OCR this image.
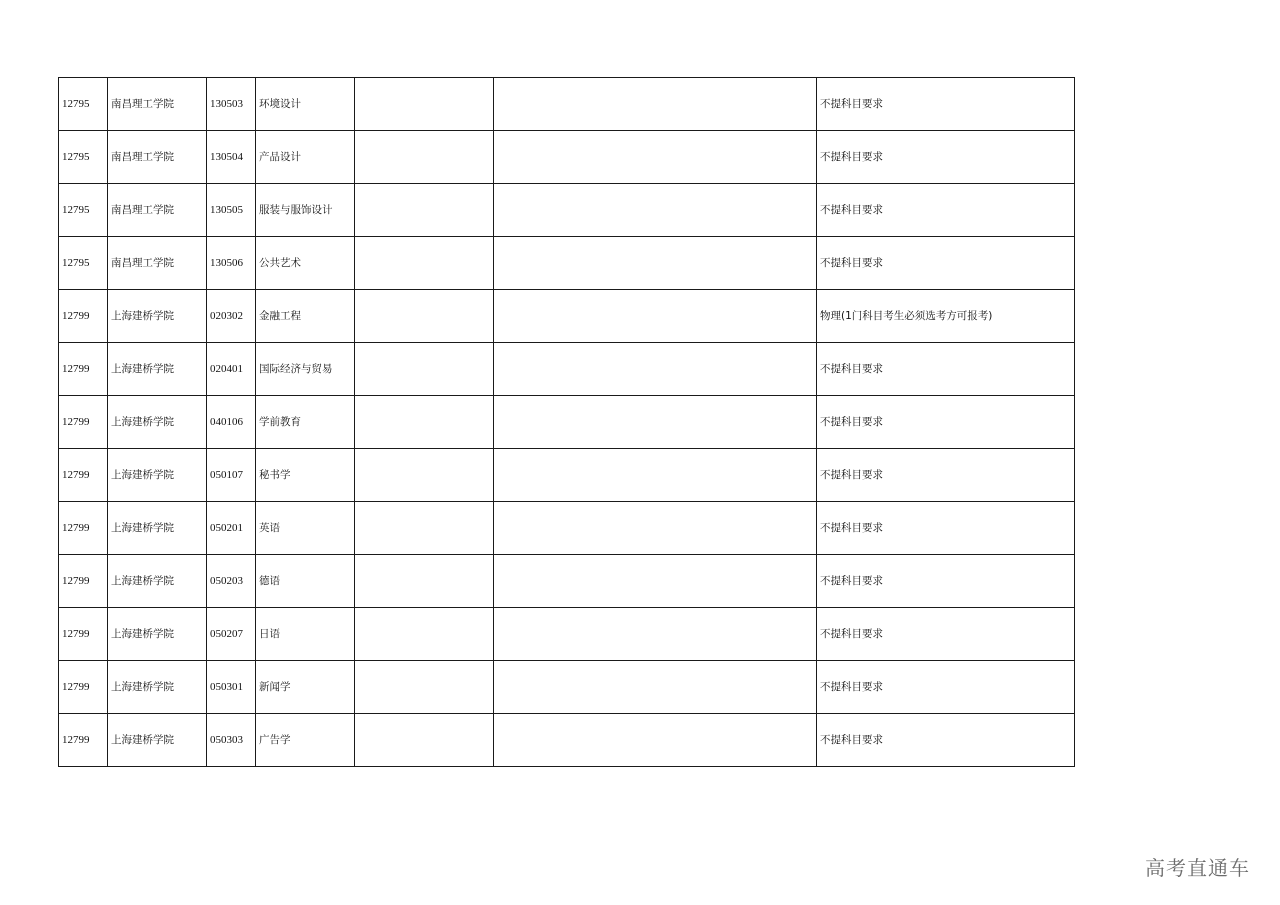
12795	南昌理工学院	130503	环境设计			不提科目要求
12795	南昌理工学院	130504	产品设计			不提科目要求
12795	南昌理工学院	130505	服装与服饰设计			不提科目要求
12795	南昌理工学院	130506	公共艺术			不提科目要求
12799	上海建桥学院	020302	金融工程			物理(1门科目考生必须选考方可报考)
12799	上海建桥学院	020401	国际经济与贸易			不提科目要求
12799	上海建桥学院	040106	学前教育			不提科目要求
12799	上海建桥学院	050107	秘书学			不提科目要求
12799	上海建桥学院	050201	英语			不提科目要求
12799	上海建桥学院	050203	德语			不提科目要求
12799	上海建桥学院	050207	日语			不提科目要求
12799	上海建桥学院	050301	新闻学			不提科目要求
12799	上海建桥学院	050303	广告学			不提科目要求
高考直通车
